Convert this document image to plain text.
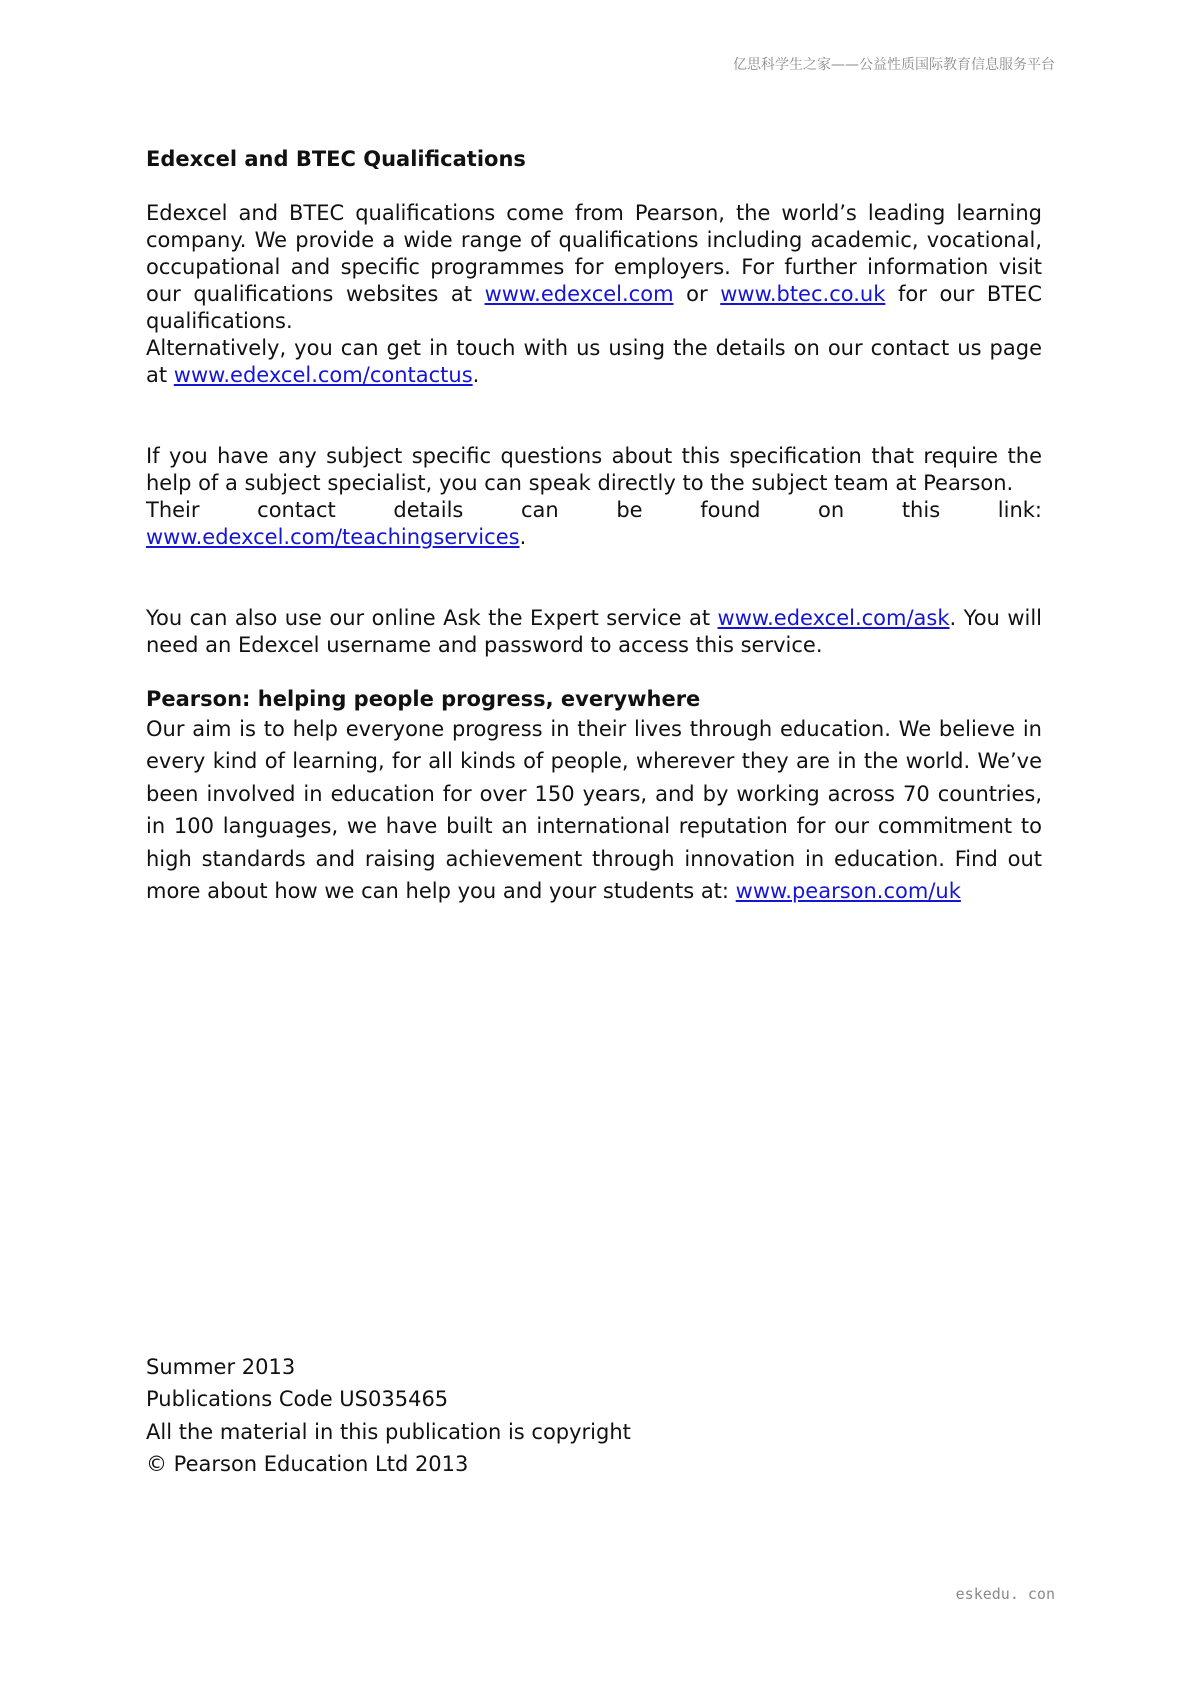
亿思科学生之家——公益性质国际教育信息服务平台

Edexcel and BTEC Qualifications

Edexcel and BTEC qualifications come from Pearson, the world’s leading learning company. We provide a wide range of qualifications including academic, vocational, occupational and specific programmes for employers. For further information visit our qualifications websites at www.edexcel.com or www.btec.co.uk for our BTEC qualifications.

Alternatively, you can get in touch with us using the details on our contact us page at www.edexcel.com/contactus.

If you have any subject specific questions about this specification that require the help of a subject specialist, you can speak directly to the subject team at Pearson.

Their contact details can be found on this link:

www.edexcel.com/teachingservices.

You can also use our online Ask the Expert service at www.edexcel.com/ask. You will need an Edexcel username and password to access this service.

Pearson: helping people progress, everywhere

Our aim is to help everyone progress in their lives through education. We believe in every kind of learning, for all kinds of people, wherever they are in the world. We’ve been involved in education for over 150 years, and by working across 70 countries, in 100 languages, we have built an international reputation for our commitment to high standards and raising achievement through innovation in education. Find out more about how we can help you and your students at: www.pearson.com/uk

Summer 2013
Publications Code US035465
All the material in this publication is copyright
© Pearson Education Ltd 2013
eskedu. con
